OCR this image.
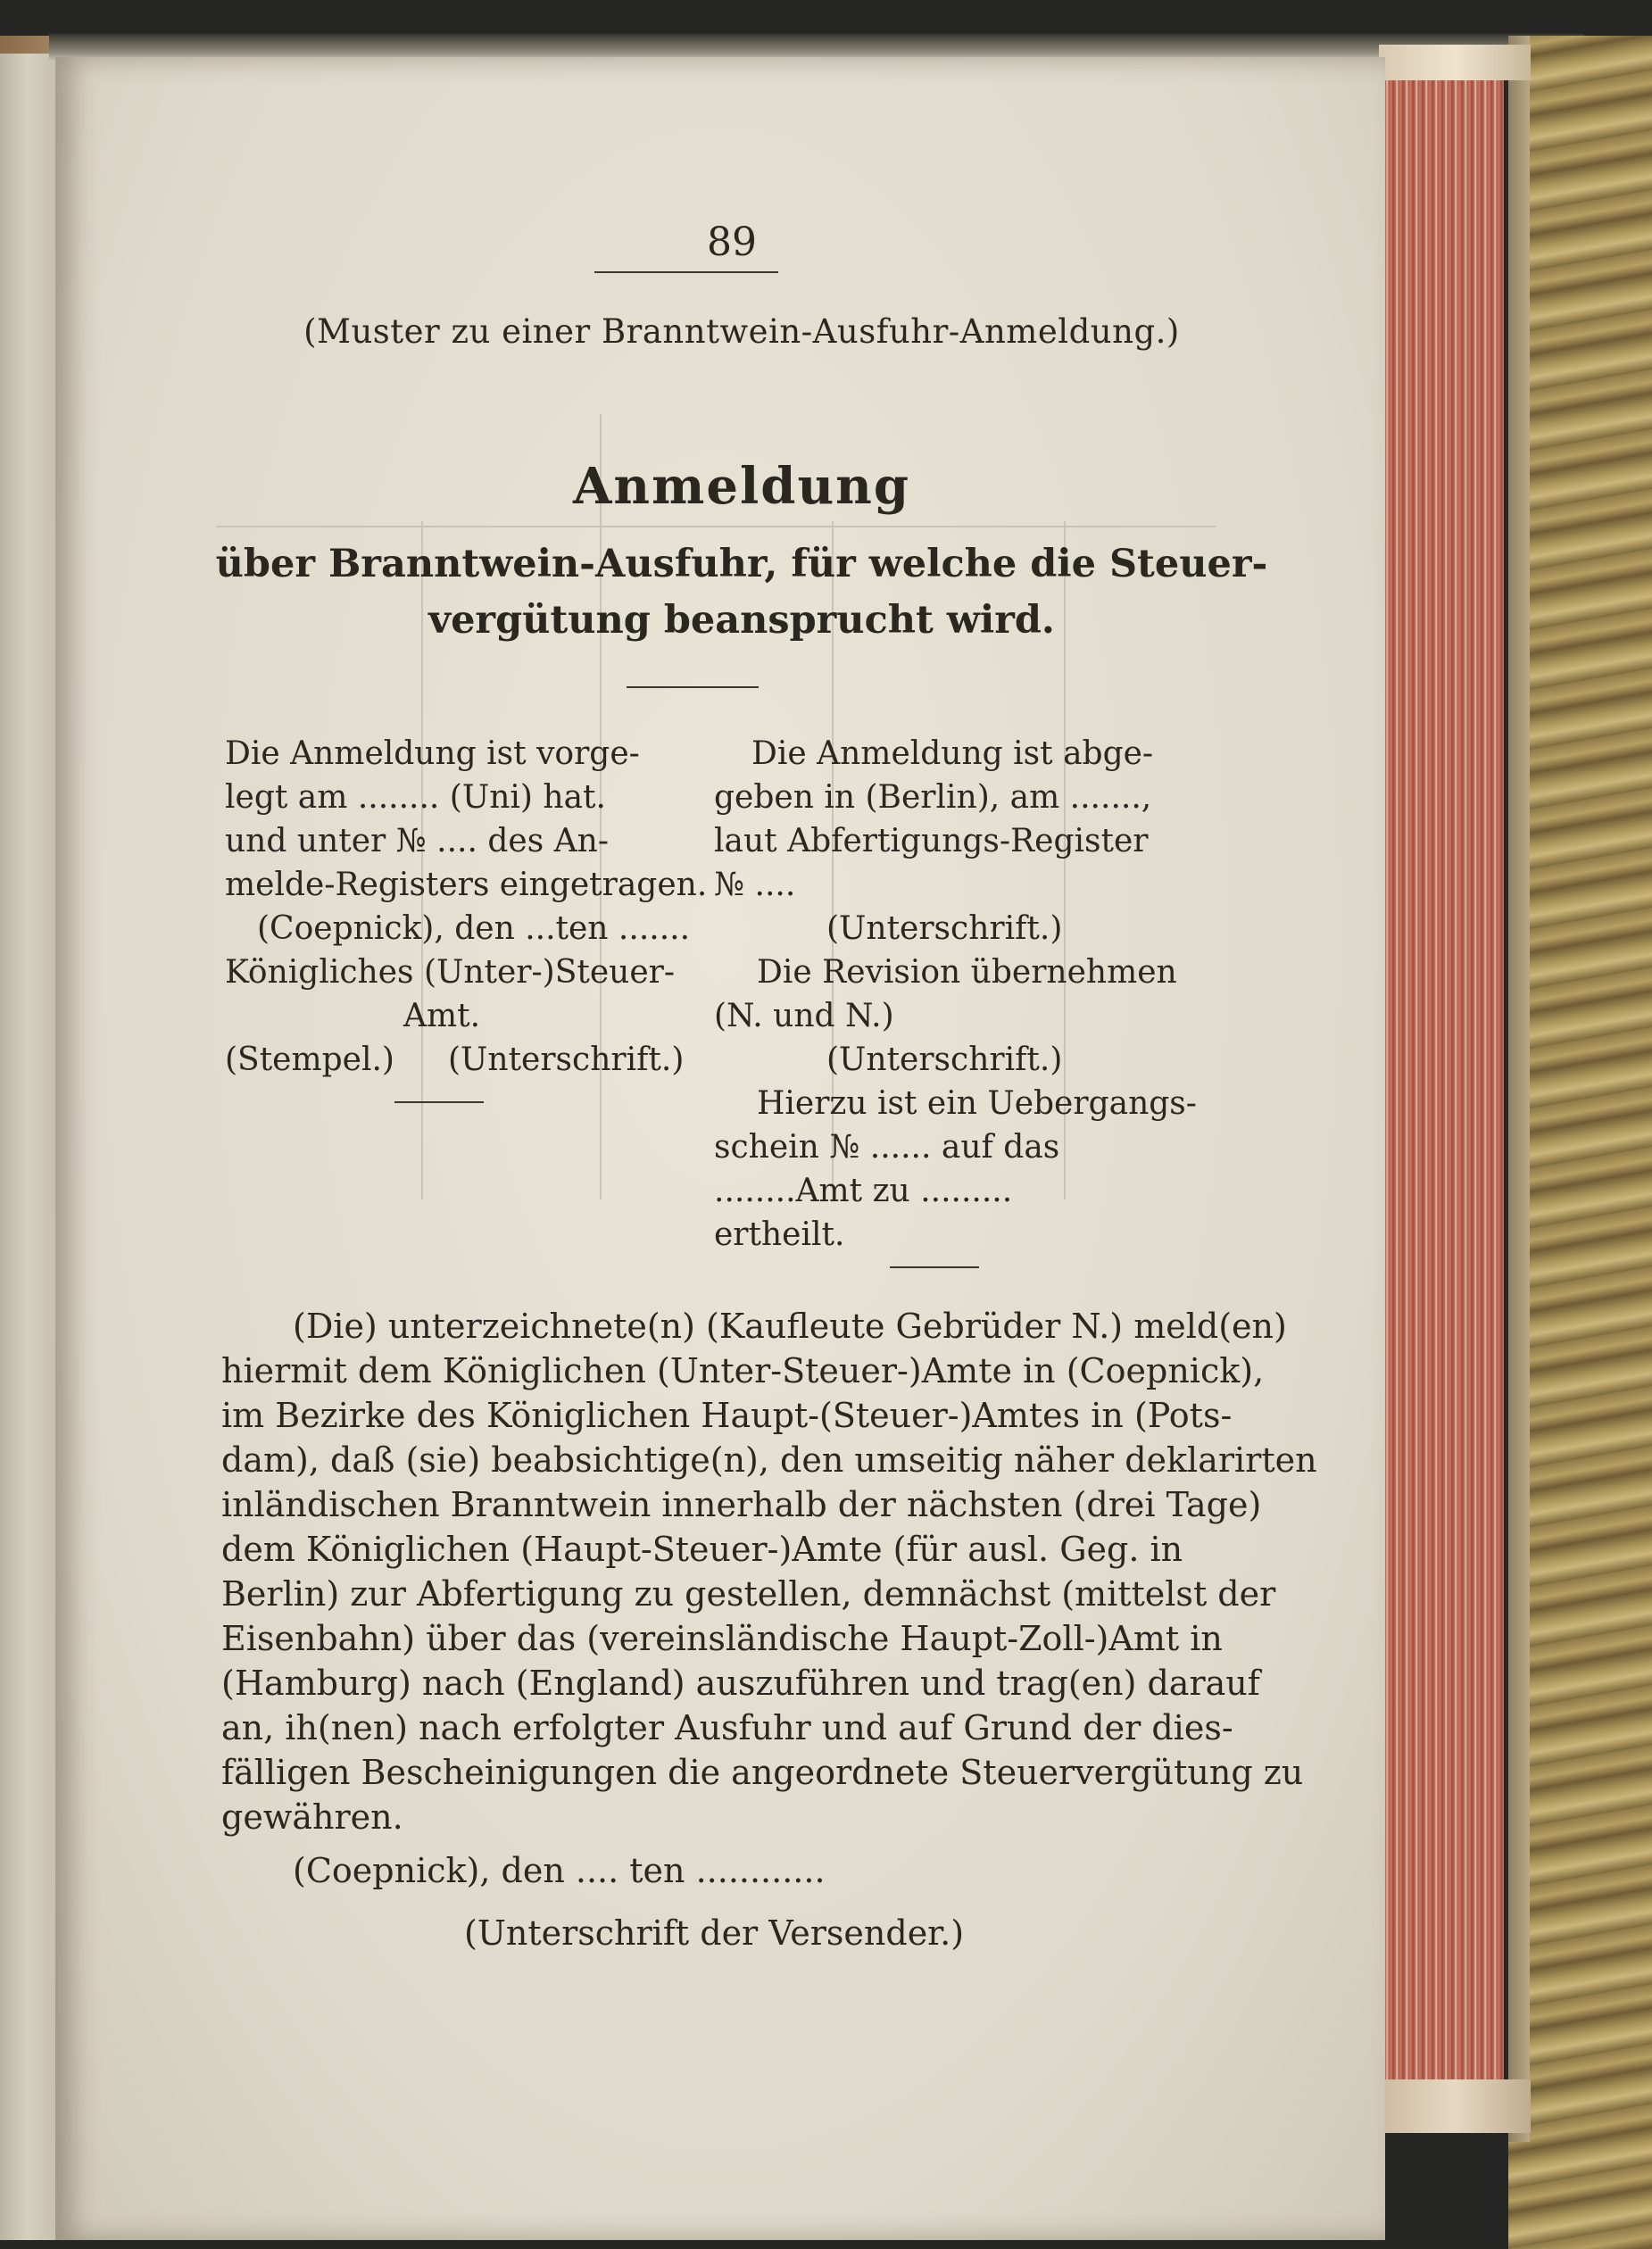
89
(Muster zu einer Branntwein-Ausfuhr-Anmeldung.)
Anmeldung
über Branntwein-Ausfuhr, für welche die Steuer-
vergütung beansprucht wird.
Die Anmeldung ist vorge-
legt am ........ (Uni) hat.
und unter № .... des An-
melde-Registers eingetragen.
(Coepnick), den ...ten .......
Königliches (Unter-)Steuer-
Amt.
(Stempel.) (Unterschrift.)
Die Anmeldung ist abge-
geben in (Berlin), am .......,
laut Abfertigungs-Register
№ ....
(Unterschrift.)
Die Revision übernehmen
(N. und N.)
(Unterschrift.)
Hierzu ist ein Uebergangs-
schein № ...... auf das
........Amt zu .........
ertheilt.
(Die) unterzeichnete(n) (Kaufleute Gebrüder N.) meld(en)
hiermit dem Königlichen (Unter-Steuer-)Amte in (Coepnick),
im Bezirke des Königlichen Haupt-(Steuer-)Amtes in (Pots-
dam), daß (sie) beabsichtige(n), den umseitig näher deklarirten
inländischen Branntwein innerhalb der nächsten (drei Tage)
dem Königlichen (Haupt-Steuer-)Amte (für ausl. Geg. in
Berlin) zur Abfertigung zu gestellen, demnächst (mittelst der
Eisenbahn) über das (vereinsländische Haupt-Zoll-)Amt in
(Hamburg) nach (England) auszuführen und trag(en) darauf
an, ih(nen) nach erfolgter Ausfuhr und auf Grund der dies-
fälligen Bescheinigungen die angeordnete Steuervergütung zu
gewähren.
(Coepnick), den .... ten ............
(Unterschrift der Versender.)
